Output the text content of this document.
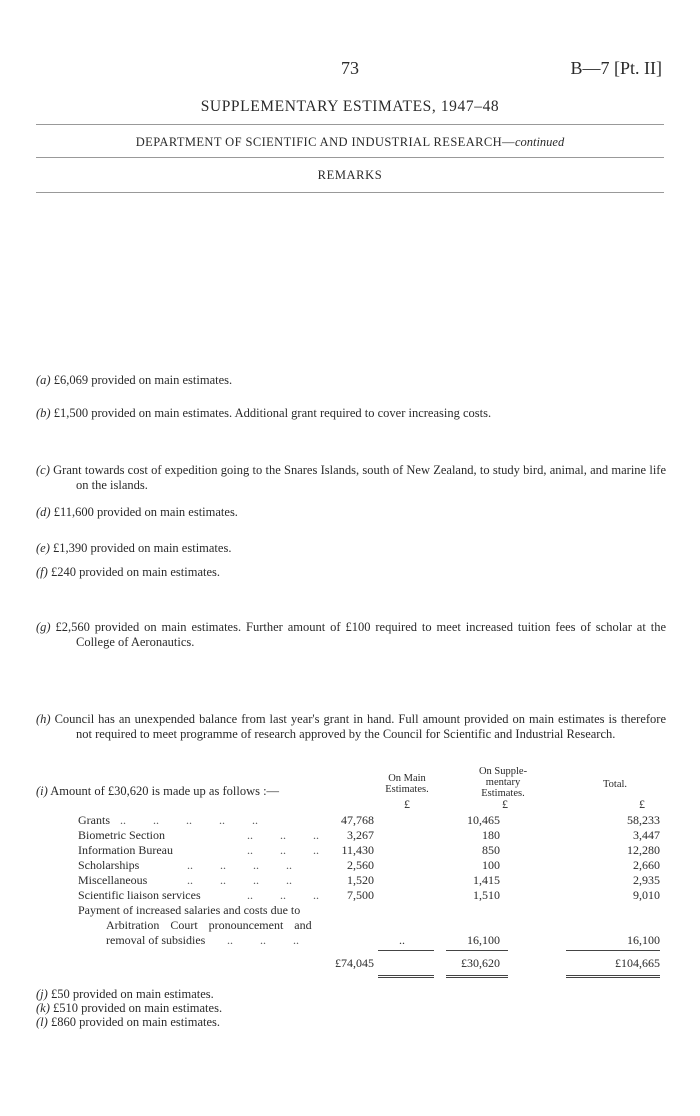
73	B—7 [Pt. II]
SUPPLEMENTARY ESTIMATES, 1947–48
DEPARTMENT OF SCIENTIFIC AND INDUSTRIAL RESEARCH—continued
REMARKS
(a) £6,069 provided on main estimates.
(b) £1,500 provided on main estimates. Additional grant required to cover increasing costs.
(c) Grant towards cost of expedition going to the Snares Islands, south of New Zealand, to study bird, animal, and marine life on the islands.
(d) £11,600 provided on main estimates.
(e) £1,390 provided on main estimates.
(f) £240 provided on main estimates.
(g) £2,560 provided on main estimates. Further amount of £100 required to meet increased tuition fees of scholar at the College of Aeronautics.
(h) Council has an unexpended balance from last year's grant in hand. Full amount provided on main estimates is therefore not required to meet programme of research approved by the Council for Scientific and Industrial Research.
(i) Amount of £30,620 is made up as follows :—
On Main Estimates.
On Supple-mentary Estimates.
Total.
£	£	£
Grants ..         ..         ..         ..         ..	47,768	10,465	58,233
Biometric Section	..         ..         .. 3,267	180	3,447
Information Bureau	..         ..         .. 11,430	850	12,280
Scholarships	..         ..         ..         ..	2,560	100	2,660
Miscellaneous	..         ..         ..         ..	1,520	1,415	2,935
Scientific liaison services	..         ..         .. 7,500	1,510	9,010
Payment of increased salaries and costs due to
Arbitration Court pronouncement and
removal of subsidies ..         ..         ..	..	16,100	16,100
£74,045	£30,620	£104,665
(j) £50 provided on main estimates.
(k) £510 provided on main estimates.
(l) £860 provided on main estimates.
